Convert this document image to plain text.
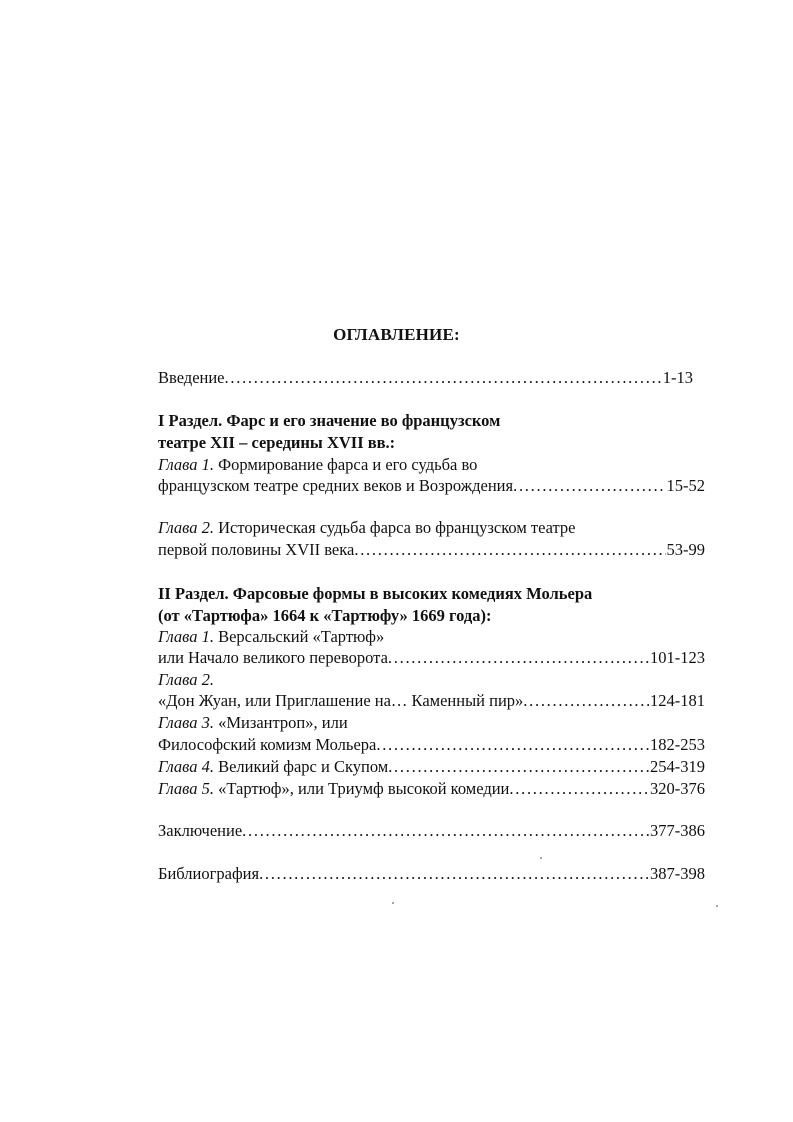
ОГЛАВЛЕНИЕ:
Введение . . .	1-13
I Раздел. Фарс и его значение во французском
театре XII – середины XVII вв.:
Глава 1. Формирование фарса и его судьба во
французском театре средних веков и Возрождения . . .	15-52
Глава 2. Историческая судьба фарса во французском театре
первой половины XVII века . . .	53-99
II Раздел. Фарсовые формы в высоких комедиях Мольера
(от «Тартюфа» 1664 к «Тартюфу» 1669 года):
Глава 1. Версальский «Тартюф»
или Начало великого переворота . . .	101-123
Глава 2.
«Дон Жуан, или Приглашение на… Каменный пир» . . .	124-181
Глава 3. «Мизантроп», или
Философский комизм Мольера . . .	182-253
Глава 4. Великий фарс и Скупом . . .	254-319
Глава 5. «Тартюф», или Триумф высокой комедии . . .	320-376
Заключение . . .	377-386
Библиография . . .	387-398
